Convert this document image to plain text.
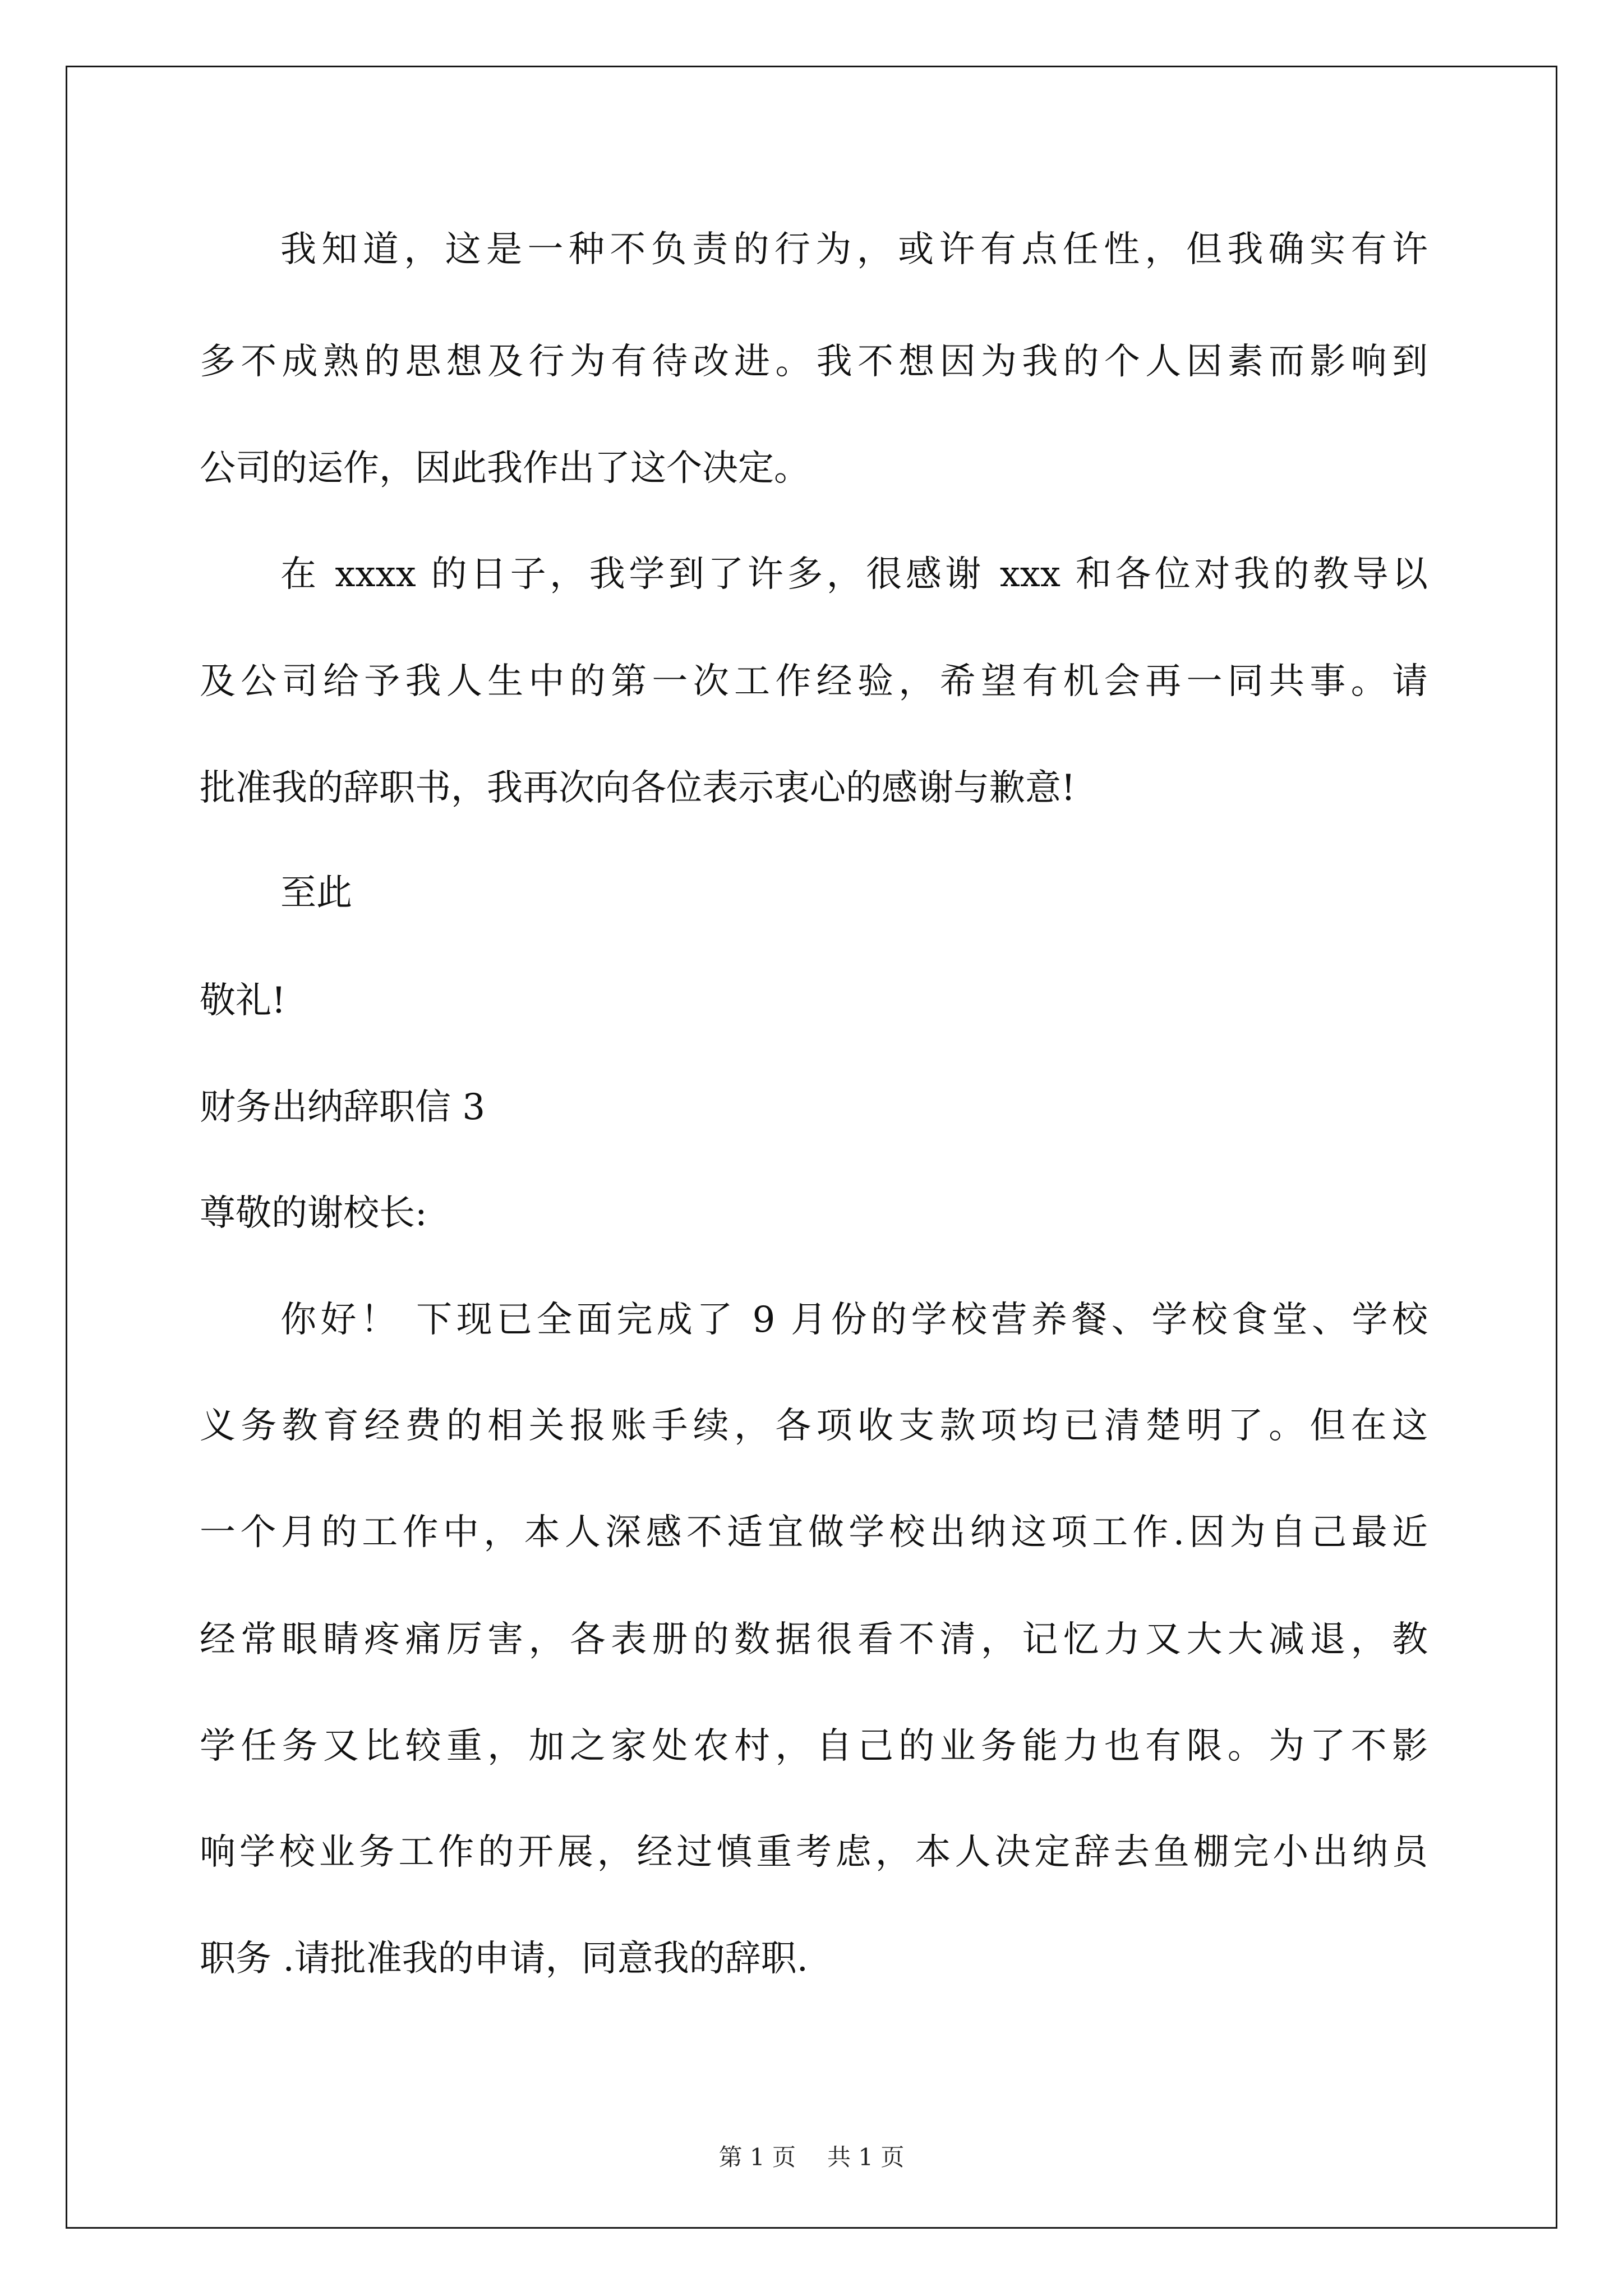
我知道，这是一种不负责的行为，或许有点任性，但我确实有许
多不成熟的思想及行为有待改进。我不想因为我的个人因素而影响到
公司的运作，因此我作出了这个决定。
在 xxxx 的日子，我学到了许多，很感谢 xxx 和各位对我的教导以
及公司给予我人生中的第一次工作经验，希望有机会再一同共事。请
批准我的辞职书，我再次向各位表示衷心的感谢与歉意!
至此
敬礼!
财务出纳辞职信 3
尊敬的谢校长:
你好！ 下现已全面完成了 9 月份的学校营养餐、学校食堂、学校
义务教育经费的相关报账手续，各项收支款项均已清楚明了。但在这
一个月的工作中，本人深感不适宜做学校出纳这项工作.因为自己最近
经常眼睛疼痛厉害，各表册的数据很看不清，记忆力又大大减退，教
学任务又比较重，加之家处农村，自己的业务能力也有限。为了不影
响学校业务工作的开展，经过慎重考虑，本人决定辞去鱼棚完小出纳员
职务 .请批准我的申请，同意我的辞职.
第 1 页 共 1 页
